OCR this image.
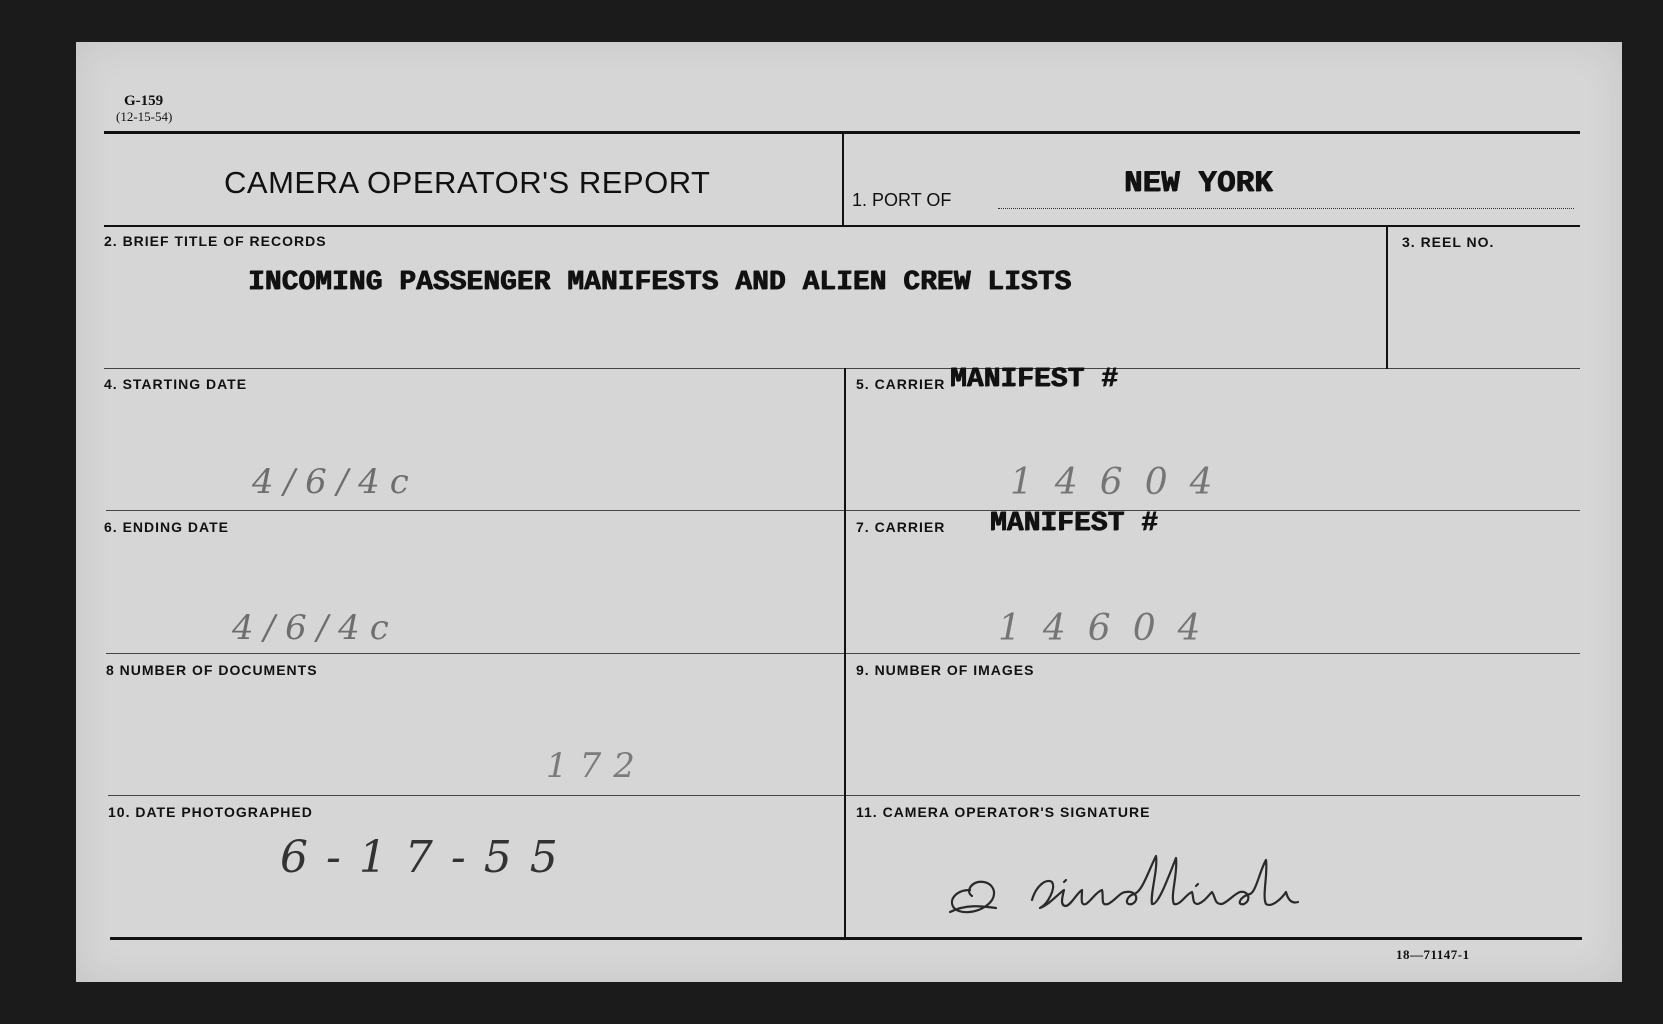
G-159
(12-15-54)
CAMERA OPERATOR'S REPORT	1. PORT OF	NEW YORK
2. BRIEF TITLE OF RECORDS
INCOMING PASSENGER MANIFESTS AND ALIEN CREW LISTS
3. REEL NO.
4. STARTING DATE
4/6/4c
5. CARRIER MANIFEST #
14604
6. ENDING DATE
4/6/4c
7. CARRIER MANIFEST #
14604
8 NUMBER OF DOCUMENTS
172
9. NUMBER OF IMAGES
10. DATE PHOTOGRAPHED
6-17-55
11. CAMERA OPERATOR'S SIGNATURE
18—71147-1
